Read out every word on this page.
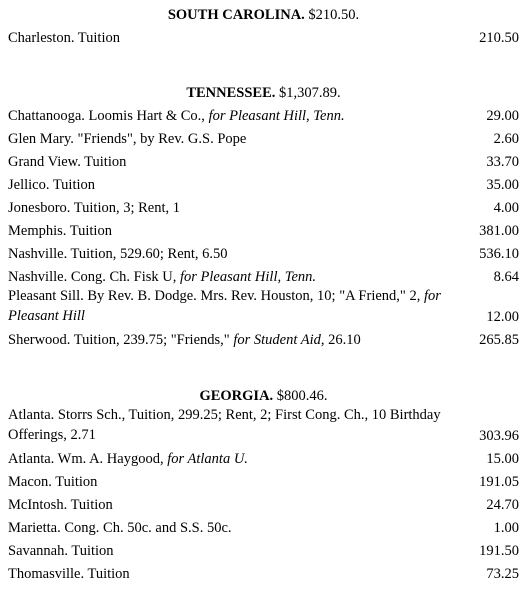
SOUTH CAROLINA. $210.50.
Charleston. Tuition	210.50
TENNESSEE. $1,307.89.
Chattanooga. Loomis Hart & Co., for Pleasant Hill, Tenn.	29.00
Glen Mary. "Friends", by Rev. G.S. Pope	2.60
Grand View. Tuition	33.70
Jellico. Tuition	35.00
Jonesboro. Tuition, 3; Rent, 1	4.00
Memphis. Tuition	381.00
Nashville. Tuition, 529.60; Rent, 6.50	536.10
Nashville. Cong. Ch. Fisk U, for Pleasant Hill, Tenn.	8.64
Pleasant Sill. By Rev. B. Dodge. Mrs. Rev. Houston, 10; "A Friend," 2, for Pleasant Hill	12.00
Sherwood. Tuition, 239.75; "Friends," for Student Aid, 26.10	265.85
GEORGIA. $800.46.
Atlanta. Storrs Sch., Tuition, 299.25; Rent, 2; First Cong. Ch., 10 Birthday Offerings, 2.71	303.96
Atlanta. Wm. A. Haygood, for Atlanta U.	15.00
Macon. Tuition	191.05
McIntosh. Tuition	24.70
Marietta. Cong. Ch. 50c. and S.S. 50c.	1.00
Savannah. Tuition	191.50
Thomasville. Tuition	73.25
